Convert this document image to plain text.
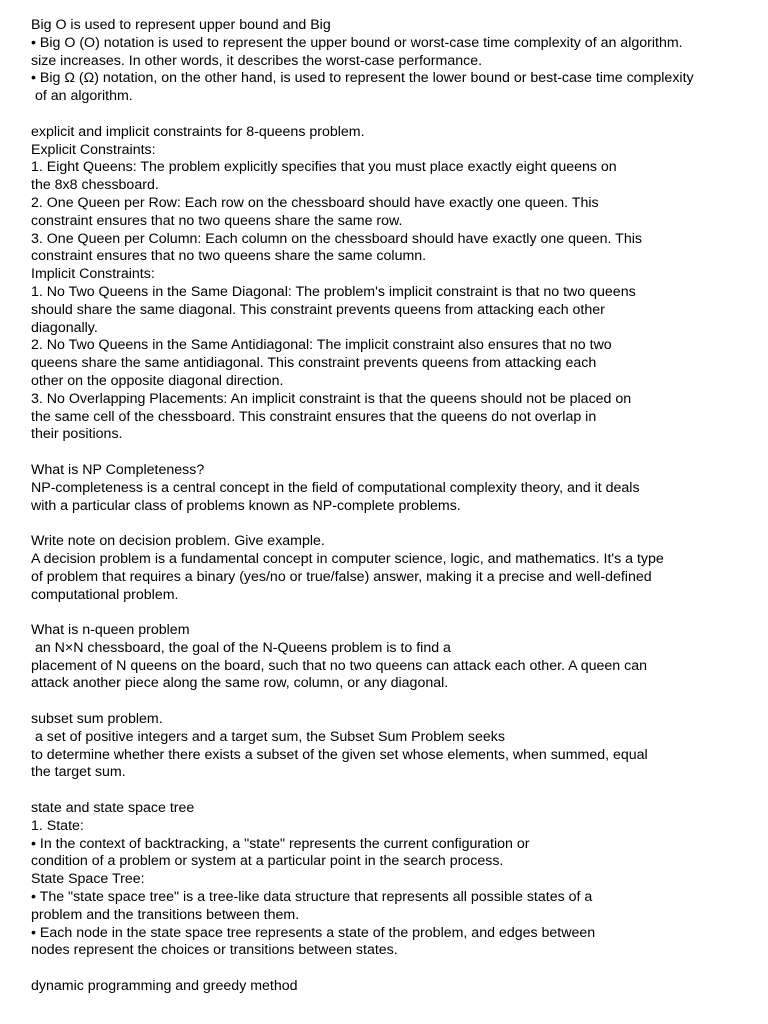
Big O is used to represent upper bound and Big
• Big O (O) notation is used to represent the upper bound or worst-case time complexity of an algorithm.
size increases. In other words, it describes the worst-case performance.
• Big Ω (Ω) notation, on the other hand, is used to represent the lower bound or best-case time complexity
of an algorithm.
explicit and implicit constraints for 8-queens problem.
Explicit Constraints:
1. Eight Queens: The problem explicitly specifies that you must place exactly eight queens on
the 8x8 chessboard.
2. One Queen per Row: Each row on the chessboard should have exactly one queen. This
constraint ensures that no two queens share the same row.
3. One Queen per Column: Each column on the chessboard should have exactly one queen. This
constraint ensures that no two queens share the same column.
Implicit Constraints:
1. No Two Queens in the Same Diagonal: The problem's implicit constraint is that no two queens
should share the same diagonal. This constraint prevents queens from attacking each other
diagonally.
2. No Two Queens in the Same Antidiagonal: The implicit constraint also ensures that no two
queens share the same antidiagonal. This constraint prevents queens from attacking each
other on the opposite diagonal direction.
3. No Overlapping Placements: An implicit constraint is that the queens should not be placed on
the same cell of the chessboard. This constraint ensures that the queens do not overlap in
their positions.
What is NP Completeness?
NP-completeness is a central concept in the field of computational complexity theory, and it deals
with a particular class of problems known as NP-complete problems.
Write note on decision problem. Give example.
A decision problem is a fundamental concept in computer science, logic, and mathematics. It's a type
of problem that requires a binary (yes/no or true/false) answer, making it a precise and well-defined
computational problem.
What is n-queen problem
an N×N chessboard, the goal of the N-Queens problem is to find a
placement of N queens on the board, such that no two queens can attack each other. A queen can
attack another piece along the same row, column, or any diagonal.
subset sum problem.
a set of positive integers and a target sum, the Subset Sum Problem seeks
to determine whether there exists a subset of the given set whose elements, when summed, equal
the target sum.
state and state space tree
1. State:
• In the context of backtracking, a "state" represents the current configuration or
condition of a problem or system at a particular point in the search process.
State Space Tree:
• The "state space tree" is a tree-like data structure that represents all possible states of a
problem and the transitions between them.
• Each node in the state space tree represents a state of the problem, and edges between
nodes represent the choices or transitions between states.
dynamic programming and greedy method
